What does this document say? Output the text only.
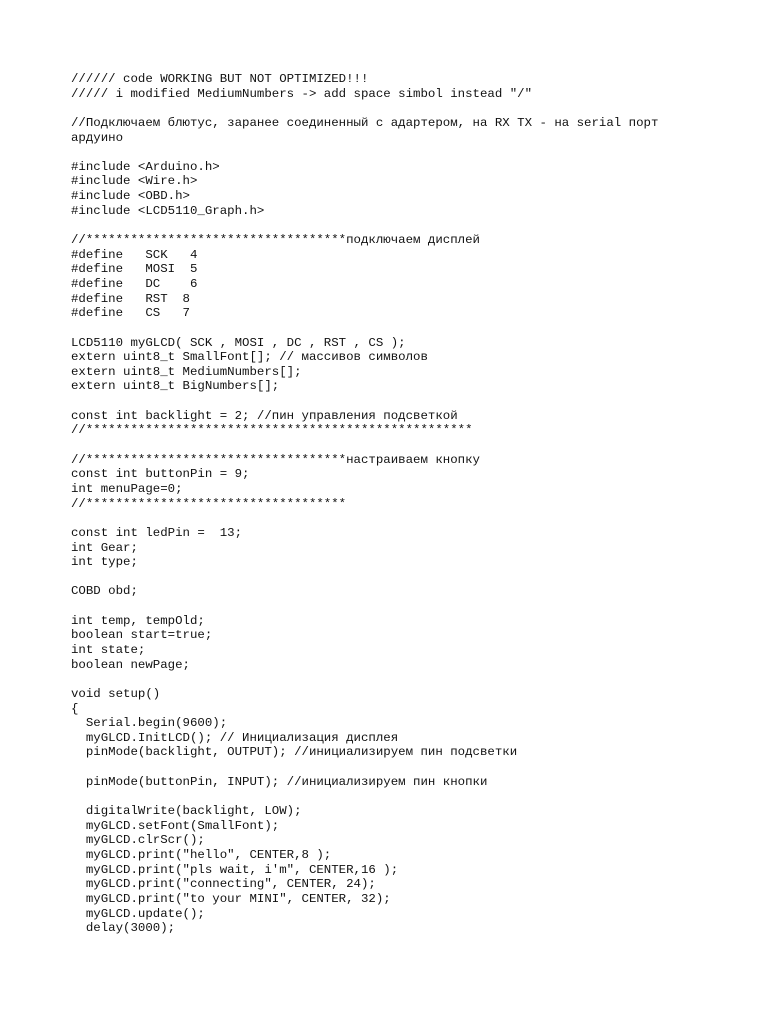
////// code WORKING BUT NOT OPTIMIZED!!!
///// i modified MediumNumbers -> add space simbol instead "/"
//Подключаем блютус, заранее соединенный с адартером, на RX TX - на serial порт
ардуино
#include <Arduino.h>
#include <Wire.h>
#include <OBD.h>
#include <LCD5110_Graph.h>
//***********************************подключаем дисплей
#define   SCK   4
#define   MOSI  5
#define   DC    6
#define   RST  8
#define   CS   7
LCD5110 myGLCD( SCK , MOSI , DC , RST , CS );
extern uint8_t SmallFont[]; // массивов символов
extern uint8_t MediumNumbers[];
extern uint8_t BigNumbers[];
const int backlight = 2; //пин управления подсветкой
//****************************************************
//***********************************настраиваем кнопку
const int buttonPin = 9;
int menuPage=0;
//***********************************
const int ledPin =  13;
int Gear;
int type;
COBD obd;
int temp, tempOld;
boolean start=true;
int state;
boolean newPage;
void setup()
{
Serial.begin(9600);
myGLCD.InitLCD(); // Инициализация дисплея
pinMode(backlight, OUTPUT); //инициализируем пин подсветки
pinMode(buttonPin, INPUT); //инициализируем пин кнопки
digitalWrite(backlight, LOW);
myGLCD.setFont(SmallFont);
myGLCD.clrScr();
myGLCD.print("hello", CENTER,8 );
myGLCD.print("pls wait, i'm", CENTER,16 );
myGLCD.print("connecting", CENTER, 24);
myGLCD.print("to your MINI", CENTER, 32);
myGLCD.update();
delay(3000);
